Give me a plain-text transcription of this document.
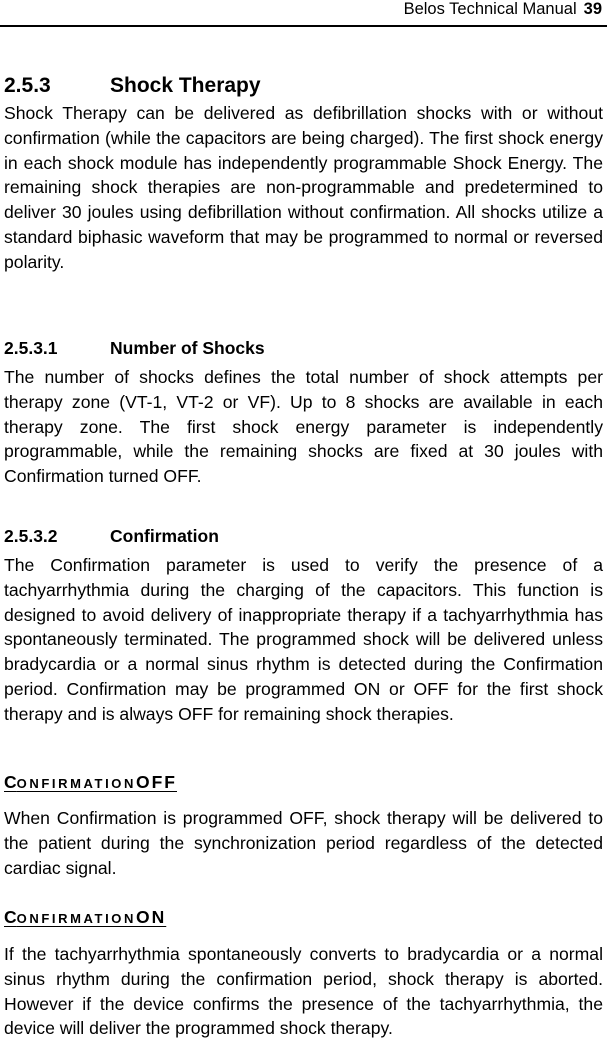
Belos Technical Manual 39
2.5.3	Shock Therapy

Shock Therapy can be delivered as defibrillation shocks with or without confirmation (while the capacitors are being charged). The first shock energy in each shock module has independently programmable Shock Energy. The remaining shock therapies are non-programmable and predetermined to deliver 30 joules using defibrillation without confirmation. All shocks utilize a standard biphasic waveform that may be programmed to normal or reversed polarity.

2.5.3.1	Number of Shocks

The number of shocks defines the total number of shock attempts per therapy zone (VT-1, VT-2 or VF). Up to 8 shocks are available in each therapy zone. The first shock energy parameter is independently programmable, while the remaining shocks are fixed at 30 joules with Confirmation turned OFF.

2.5.3.2	Confirmation

The Confirmation parameter is used to verify the presence of a tachyarrhythmia during the charging of the capacitors. This function is designed to avoid delivery of inappropriate therapy if a tachyarrhythmia has spontaneously terminated. The programmed shock will be delivered unless bradycardia or a normal sinus rhythm is detected during the Confirmation period. Confirmation may be programmed ON or OFF for the first shock therapy and is always OFF for remaining shock therapies.

CONFIRMATIONOFF

When Confirmation is programmed OFF, shock therapy will be delivered to the patient during the synchronization period regardless of the detected cardiac signal.

CONFIRMATIONON

If the tachyarrhythmia spontaneously converts to bradycardia or a normal sinus rhythm during the confirmation period, shock therapy is aborted. However if the device confirms the presence of the tachyarrhythmia, the device will deliver the programmed shock therapy.
